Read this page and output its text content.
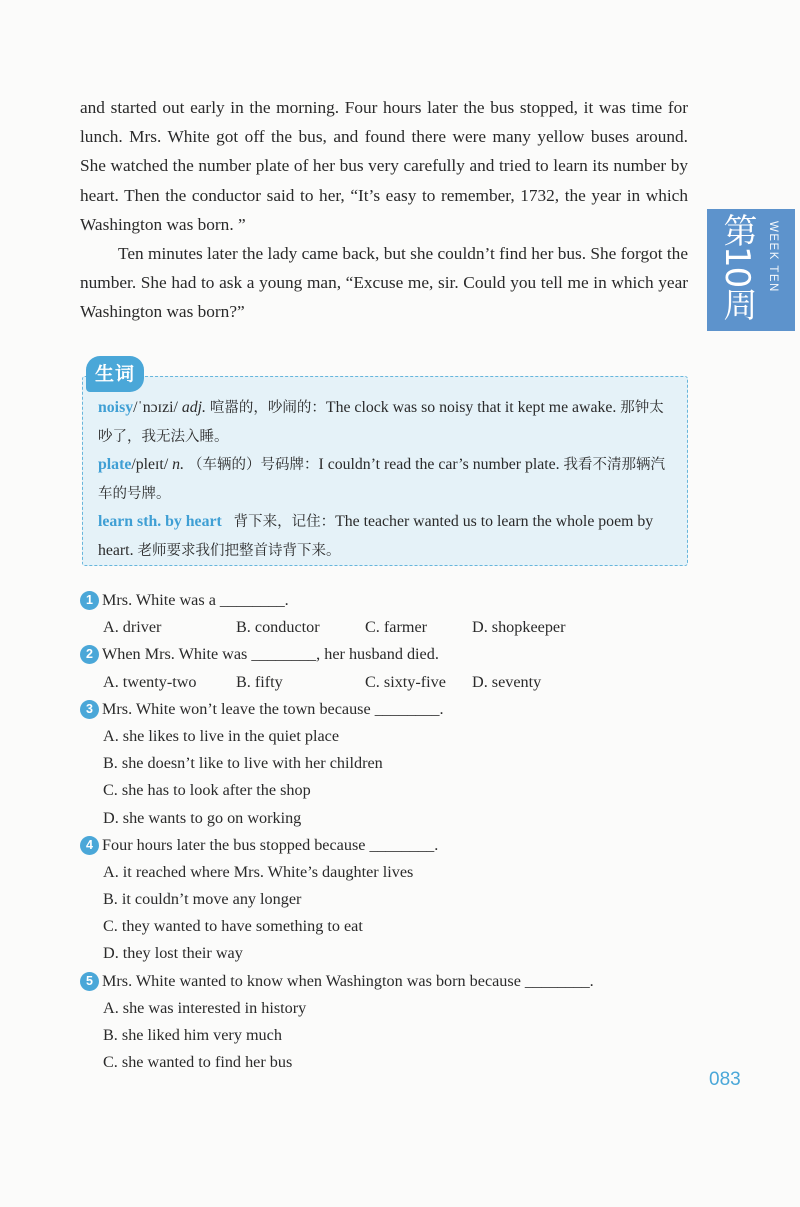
and started out early in the morning. Four hours later the bus stopped, it was time for lunch. Mrs. White got off the bus, and found there were many yellow buses around. She watched the number plate of her bus very carefully and tried to learn its number by heart. Then the conductor said to her, “It’s easy to remember, 1732, the year in which Washington was born. ”

Ten minutes later the lady came back, but she couldn’t find her bus. She forgot the number. She had to ask a young man, “Excuse me, sir. Could you tell me in which year Washington was born?”	第10周 WEEK TEN
生词

noisy/ˈnɔɪzi/ adj. 喧嚣的，吵闹的：The clock was so noisy that it kept me awake. 那钟太吵了，我无法入睡。

plate/pleɪt/ n. （车辆的）号码牌：I couldn’t read the car’s number plate. 我看不清那辆汽车的号牌。

learn sth. by heart 背下来，记住：The teacher wanted us to learn the whole poem by heart. 老师要求我们把整首诗背下来。

1 Mrs. White was a ________.
A. driver	B. conductor	C. farmer	D. shopkeeper
2 When Mrs. White was ________, her husband died.
A. twenty-two	B. fifty	C. sixty-five	D. seventy
3 Mrs. White won’t leave the town because ________.
A. she likes to live in the quiet place
B. she doesn’t like to live with her children
C. she has to look after the shop
D. she wants to go on working
4 Four hours later the bus stopped because ________.
A. it reached where Mrs. White’s daughter lives
B. it couldn’t move any longer
C. they wanted to have something to eat
D. they lost their way
5 Mrs. White wanted to know when Washington was born because ________.
A. she was interested in history
B. she liked him very much
C. she wanted to find her bus
083
